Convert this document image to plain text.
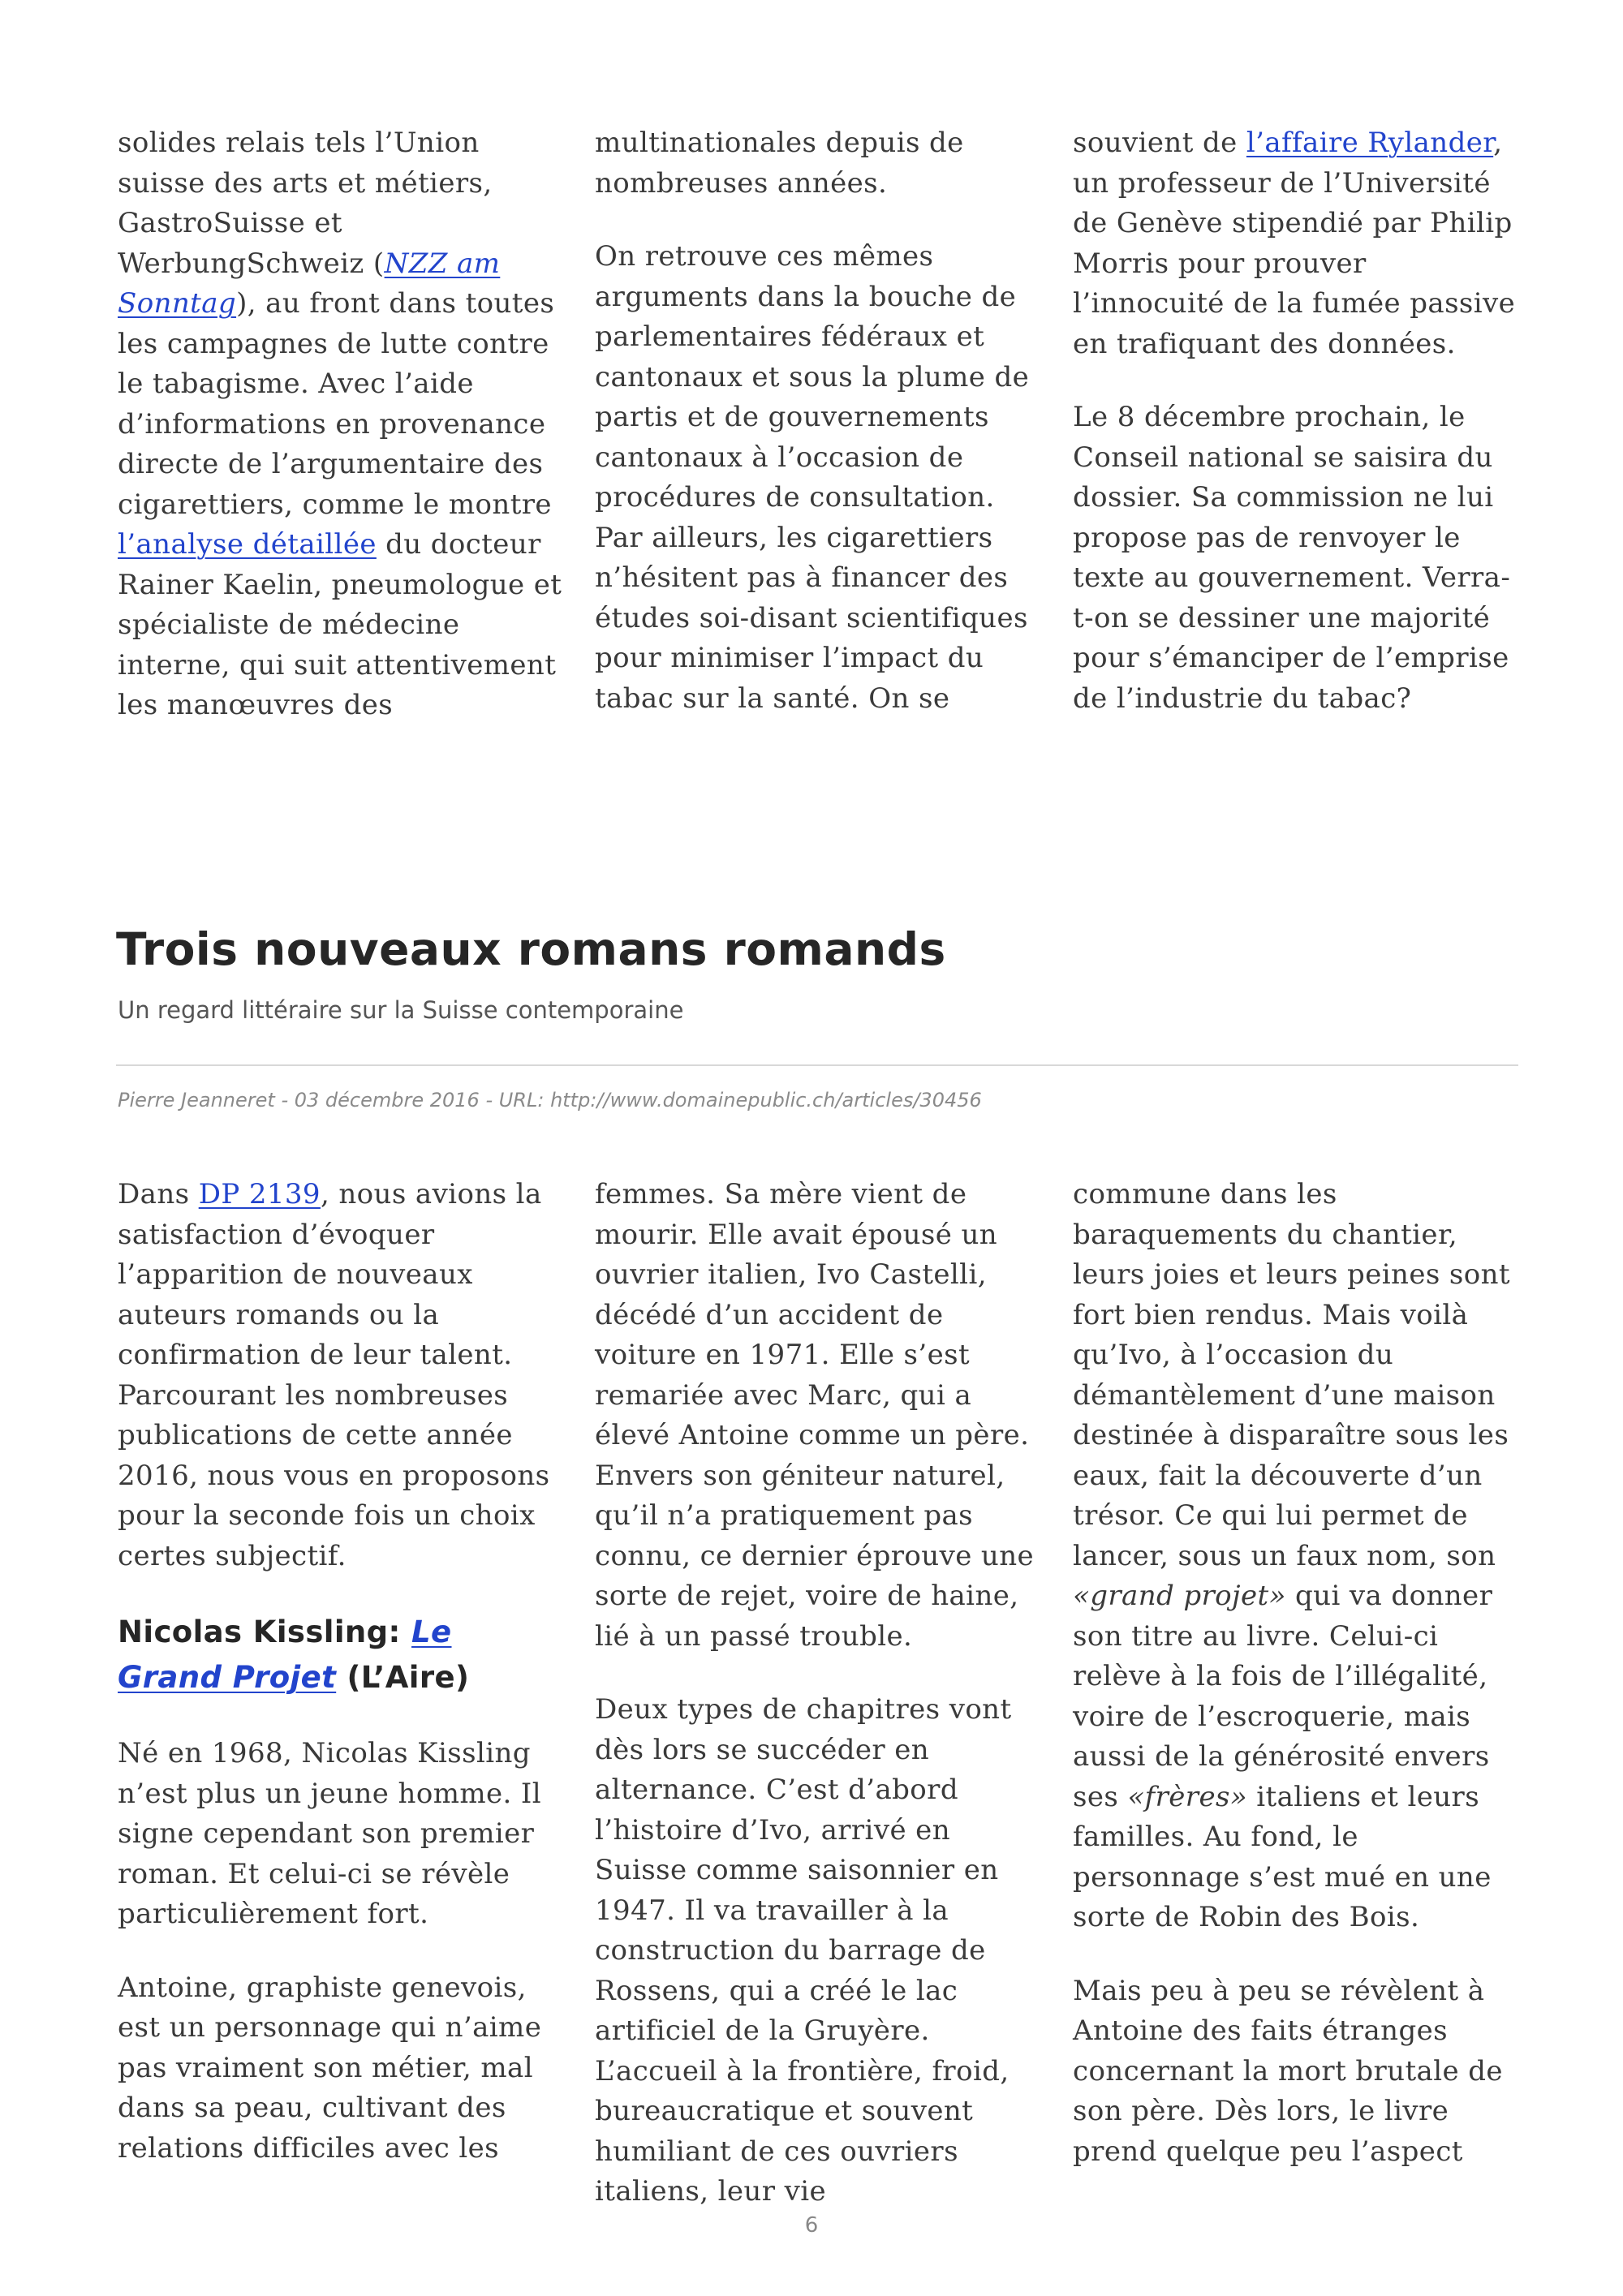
solides relais tels l’Union suisse des arts et métiers, GastroSuisse et WerbungSchweiz (NZZ am Sonntag), au front dans toutes les campagnes de lutte contre le tabagisme. Avec l’aide d’informations en provenance directe de l’argumentaire des cigarettiers, comme le montre l’analyse détaillée du docteur Rainer Kaelin, pneumologue et spécialiste de médecine interne, qui suit attentivement les manœuvres des

multinationales depuis de nombreuses années.

On retrouve ces mêmes arguments dans la bouche de parlementaires fédéraux et cantonaux et sous la plume de partis et de gouvernements cantonaux à l’occasion de procédures de consultation. Par ailleurs, les cigarettiers n’hésitent pas à financer des études soi-disant scientifiques pour minimiser l’impact du tabac sur la santé. On se

souvient de l’affaire Rylander, un professeur de l’Université de Genève stipendié par Philip Morris pour prouver l’innocuité de la fumée passive en trafiquant des données.

Le 8 décembre prochain, le Conseil national se saisira du dossier. Sa commission ne lui propose pas de renvoyer le texte au gouvernement. Verra-t-on se dessiner une majorité pour s’émanciper de l’emprise de l’industrie du tabac?

Trois nouveaux romans romands
Un regard littéraire sur la Suisse contemporaine
Pierre Jeanneret - 03 décembre 2016 - URL: http://www.domainepublic.ch/articles/30456

Dans DP 2139, nous avions la satisfaction d’évoquer l’apparition de nouveaux auteurs romands ou la confirmation de leur talent. Parcourant les nombreuses publications de cette année 2016, nous vous en proposons pour la seconde fois un choix certes subjectif.

Nicolas Kissling: Le Grand Projet (L’Aire)

Né en 1968, Nicolas Kissling n’est plus un jeune homme. Il signe cependant son premier roman. Et celui-ci se révèle particulièrement fort.

Antoine, graphiste genevois, est un personnage qui n’aime pas vraiment son métier, mal dans sa peau, cultivant des relations difficiles avec les

femmes. Sa mère vient de mourir. Elle avait épousé un ouvrier italien, Ivo Castelli, décédé d’un accident de voiture en 1971. Elle s’est remariée avec Marc, qui a élevé Antoine comme un père. Envers son géniteur naturel, qu’il n’a pratiquement pas connu, ce dernier éprouve une sorte de rejet, voire de haine, lié à un passé trouble.

Deux types de chapitres vont dès lors se succéder en alternance. C’est d’abord l’histoire d’Ivo, arrivé en Suisse comme saisonnier en 1947. Il va travailler à la construction du barrage de Rossens, qui a créé le lac artificiel de la Gruyère. L’accueil à la frontière, froid, bureaucratique et souvent humiliant de ces ouvriers italiens, leur vie

commune dans les baraquements du chantier, leurs joies et leurs peines sont fort bien rendus. Mais voilà qu’Ivo, à l’occasion du démantèlement d’une maison destinée à disparaître sous les eaux, fait la découverte d’un trésor. Ce qui lui permet de lancer, sous un faux nom, son «grand projet» qui va donner son titre au livre. Celui-ci relève à la fois de l’illégalité, voire de l’escroquerie, mais aussi de la générosité envers ses «frères» italiens et leurs familles. Au fond, le personnage s’est mué en une sorte de Robin des Bois.

Mais peu à peu se révèlent à Antoine des faits étranges concernant la mort brutale de son père. Dès lors, le livre prend quelque peu l’aspect

6
